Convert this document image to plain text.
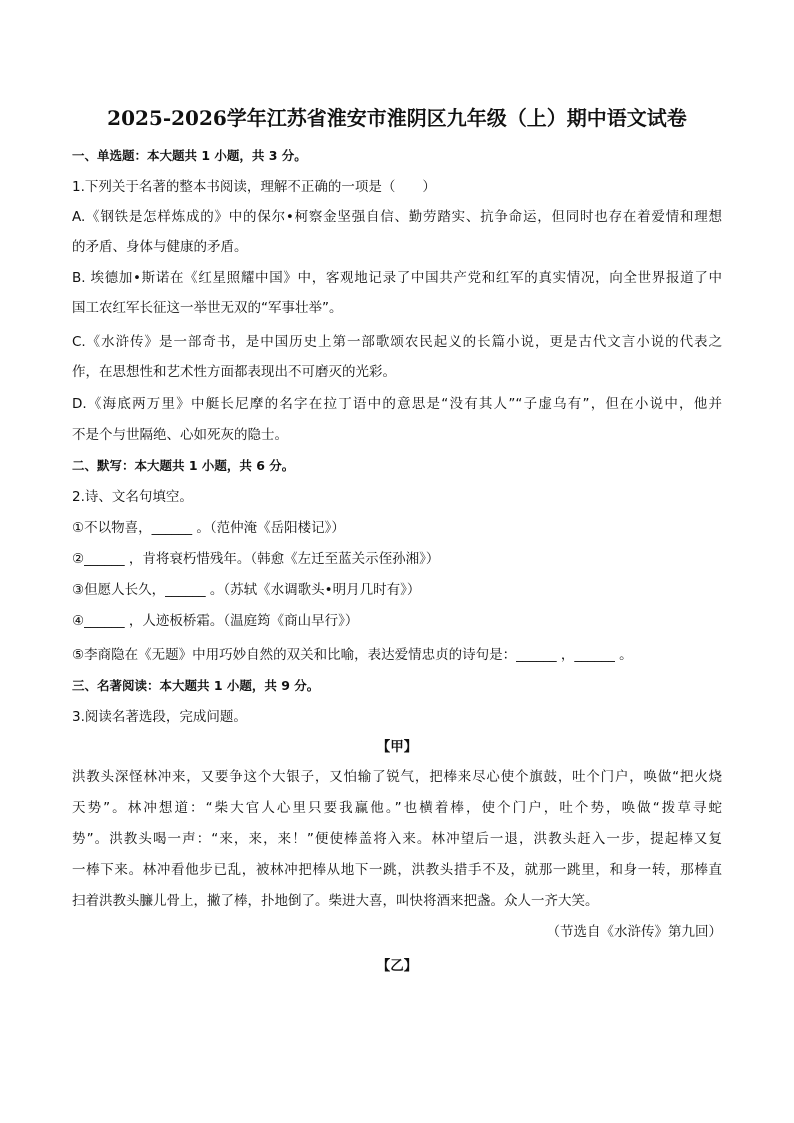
2025-2026学年江苏省淮安市淮阴区九年级（上）期中语文试卷
一、单选题：本大题共 1 小题，共 3 分。
1.下列关于名著的整本书阅读，理解不正确的一项是（　　）
A.《钢铁是怎样炼成的》中的保尔•柯察金坚强自信、勤劳踏实、抗争命运，但同时也存在着爱情和理想
的矛盾、身体与健康的矛盾。
B. 埃德加•斯诺在《红星照耀中国》中，客观地记录了中国共产党和红军的真实情况，向全世界报道了中
国工农红军长征这一举世无双的“军事壮举”。
C.《水浒传》是一部奇书，是中国历史上第一部歌颂农民起义的长篇小说，更是古代文言小说的代表之
作，在思想性和艺术性方面都表现出不可磨灭的光彩。
D.《海底两万里》中艇长尼摩的名字在拉丁语中的意思是“没有其人”“子虚乌有”，但在小说中，他并
不是个与世隔绝、心如死灰的隐士。
二、默写：本大题共 1 小题，共 6 分。
2.诗、文名句填空。
①不以物喜，______ 。（范仲淹《岳阳楼记》）
②______ ，肯将衰朽惜残年。（韩愈《左迁至蓝关示侄孙湘》）
③但愿人长久，______ 。（苏轼《水调歌头•明月几时有》）
④______ ，人迹板桥霜。（温庭筠《商山早行》）
⑤李商隐在《无题》中用巧妙自然的双关和比喻，表达爱情忠贞的诗句是：______ ，______ 。
三、名著阅读：本大题共 1 小题，共 9 分。
3.阅读名著选段，完成问题。
【甲】
洪教头深怪林冲来，又要争这个大银子，又怕输了锐气，把棒来尽心使个旗鼓，吐个门户，唤做“把火烧
天势”。林冲想道：“柴大官人心里只要我赢他。”也横着棒，使个门户，吐个势，唤做“拨草寻蛇
势”。洪教头喝一声：“来，来，来！”便使棒盖将入来。林冲望后一退，洪教头赶入一步，提起棒又复
一棒下来。林冲看他步已乱，被林冲把棒从地下一跳，洪教头措手不及，就那一跳里，和身一转，那棒直
扫着洪教头臁儿骨上，撇了棒，扑地倒了。柴进大喜，叫快将酒来把盏。众人一齐大笑。
（节选自《水浒传》第九回）
【乙】
